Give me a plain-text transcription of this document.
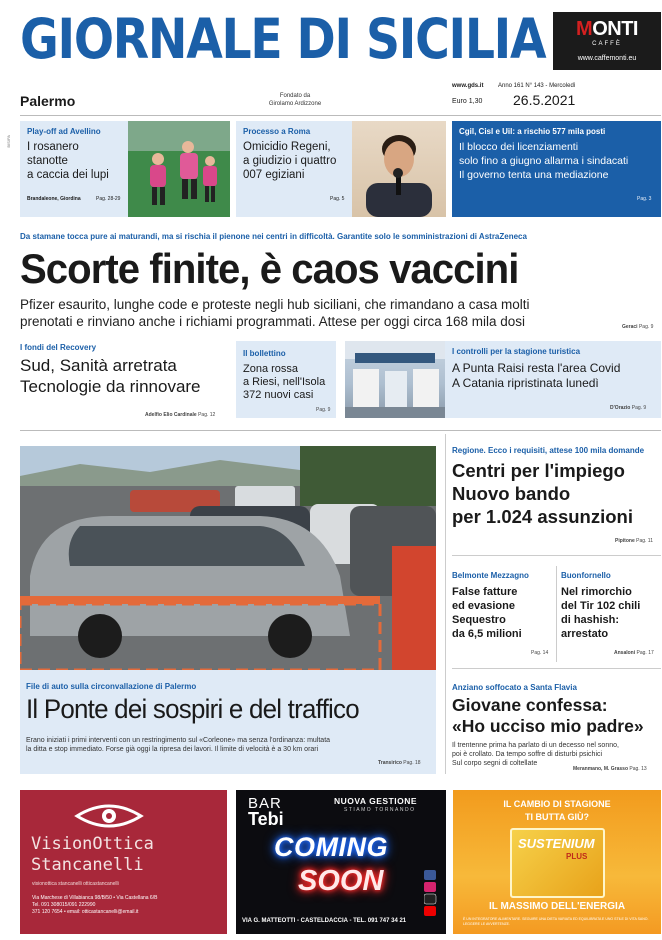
GIORNALE DI SICILIA	MONTI
CAFFÈ
www.caffemonti.eu
Palermo	Fondato da
Girolamo Ardizzone
www.gds.it Anno 161 N° 143 - Mercoledì
Euro 1,30 26.5.2021
BIS/PA
Play-off ad Avellino
I rosanero
stanotte
a caccia dei lupi
Brandaleone, Giordina	Pag. 28-29
Processo a Roma
Omicidio Regeni,
a giudizio i quattro
007 egiziani
Pag. 5
Cgil, Cisl e Uil: a rischio 577 mila posti
Il blocco dei licenziamenti
solo fino a giugno allarma i sindacati
Il governo tenta una mediazione
Pag. 3
Da stamane tocca pure ai maturandi, ma si rischia il pienone nei centri in difficoltà. Garantite solo le somministrazioni di AstraZeneca
Scorte finite, è caos vaccini
Pfizer esaurito, lunghe code e proteste negli hub siciliani, che rimandano a casa molti
prenotati e rinviano anche i richiami programmati. Attese per oggi circa 168 mila dosi	Geraci Pag. 9
I fondi del Recovery
Sud, Sanità arretrata
Tecnologie da rinnovare
Adelfio Elio Cardinale Pag. 12
Il bollettino
Zona rossa
a Riesi, nell'Isola
372 nuovi casi
Pag. 9
I controlli per la stagione turistica
A Punta Raisi resta l'area Covid
A Catania ripristinata lunedì
D'Orazio Pag. 9
File di auto sulla circonvallazione di Palermo
Il Ponte dei sospiri e del traffico
Erano iniziati i primi interventi con un restringimento sul «Corleone» ma senza l'ordinanza: multata
la ditta e stop immediato. Forse già oggi la ripresa dei lavori. Il limite di velocità è a 30 km orari
Transirico Pag. 18
Regione. Ecco i requisiti, attese 100 mila domande
Centri per l'impiego
Nuovo bando
per 1.024 assunzioni
Pipitone Pag. 11
Belmonte Mezzagno
False fatture
ed evasione
Sequestro
da 6,5 milioni
Pag. 14
Buonfornello
Nel rimorchio
del Tir 102 chili
di hashish:
arrestato
Ansaloni Pag. 17
Anziano soffocato a Santa Flavia
Giovane confessa:
«Ho ucciso mio padre»
Il trentenne prima ha parlato di un decesso nel sonno,
poi è crollato. Da tempo soffre di disturbi psichici
Sul corpo segni di coltellate
Meranmano, M. Grasso Pag. 13
VisionOttica
Stancanelli
visionottica stancanelli otticastancanelli
Via Marchese di Villabianca 98/B/50 • Via Castellana 6/B
Tel. 091 308015/091 222990
371 120 7654 • email: otticastancanelli@email.it
BAR
Tebi
NUOVA GESTIONE
STIAMO TORNANDO
COMING
SOON
VIA G. MATTEOTTI - CASTELDACCIA - TEL. 091 747 34 21
IL CAMBIO DI STAGIONE
TI BUTTA GIÙ?
SUSTENIUM
PLUS
IL MASSIMO DELL'ENERGIA
È UN INTEGRATORE ALIMENTARE. SEGUIRE UNA DIETA VARIATA ED EQUILIBRATA E UNO STILE DI VITA SANO. LEGGERE LE AVVERTENZE.
